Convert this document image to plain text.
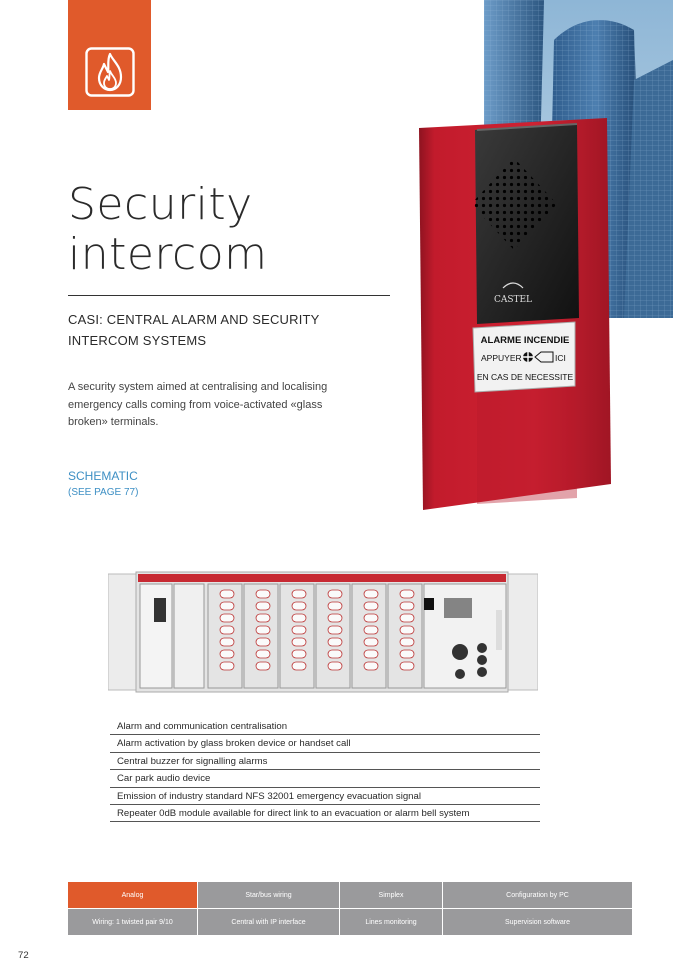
Security
intercom
CASI: CENTRAL ALARM AND SECURITY
INTERCOM SYSTEMS

A security system aimed at centralising and localising emergency calls coming from voice-activated «glass broken» terminals.

SCHEMATIC
(SEE PAGE 77)
CASTEL
ALARME INCENDIE
APPUYER	ICI
EN CAS DE NECESSITE
Alarm and communication centralisation
Alarm activation by glass broken device or handset call
Central buzzer for signalling alarms
Car park audio device
Emission of industry standard NFS 32001 emergency evacuation signal
Repeater 0dB module available for direct link to an evacuation or alarm bell system
Analog	Star/bus wiring	Simplex	Configuration by PC
Wiring: 1 twisted pair 9/10	Central with IP interface	Lines monitoring	Supervision software
72
